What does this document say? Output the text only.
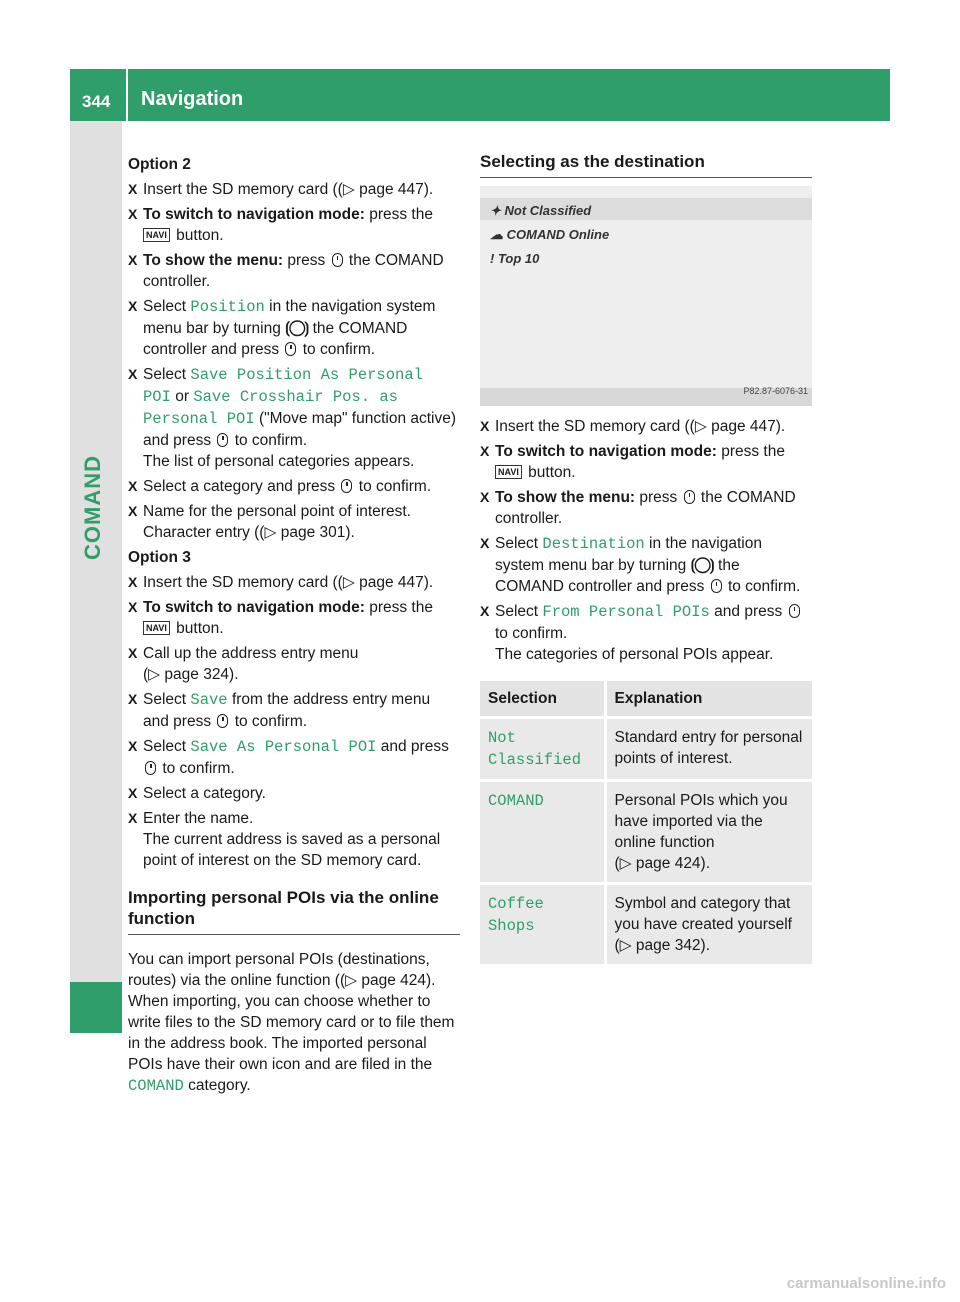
344 Navigation
COMAND
Option 2
X Insert the SD memory card ((▷ page 447).
X To switch to navigation mode: press the
NAVI button.
X To show the menu: press the COMAND controller.
X Select Position in the navigation system menu bar by turning ⟮◯⟯ the COMAND controller and press to confirm.
X Select Save Position As Personal POI or Save Crosshair Pos. as Personal POI ("Move map" function active) and press to confirm.
The list of personal categories appears.
X Select a category and press to confirm.
X Name for the personal point of interest.
Character entry ((▷ page 301).
Option 3
X Insert the SD memory card ((▷ page 447).
X To switch to navigation mode: press the
NAVI button.
X Call up the address entry menu
(▷ page 324).
X Select Save from the address entry menu and press to confirm.
X Select Save As Personal POI and press
to confirm.
X Select a category.
X Enter the name.
The current address is saved as a personal point of interest on the SD memory card.
Importing personal POIs via the online function
You can import personal POIs (destinations, routes) via the online function ((▷ page 424). When importing, you can choose whether to write files to the SD memory card or to file them in the address book. The imported personal POIs have their own icon and are filed in the COMAND category.
Selecting as the destination
✦ Not Classified
☁ COMAND Online
! Top 10
P82.87-6076-31
X Insert the SD memory card ((▷ page 447).
X To switch to navigation mode: press the
NAVI button.
X To show the menu: press the COMAND controller.
X Select Destination in the navigation system menu bar by turning ⟮◯⟯ the COMAND controller and press to confirm.
X Select From Personal POIs and press
to confirm.
The categories of personal POIs appear.
Selection	Explanation
Not Classified	Standard entry for personal points of interest.
COMAND	Personal POIs which you have imported via the online function
(▷ page 424).
Coffee Shops	Symbol and category that you have created yourself
(▷ page 342).
carmanualsonline.info
